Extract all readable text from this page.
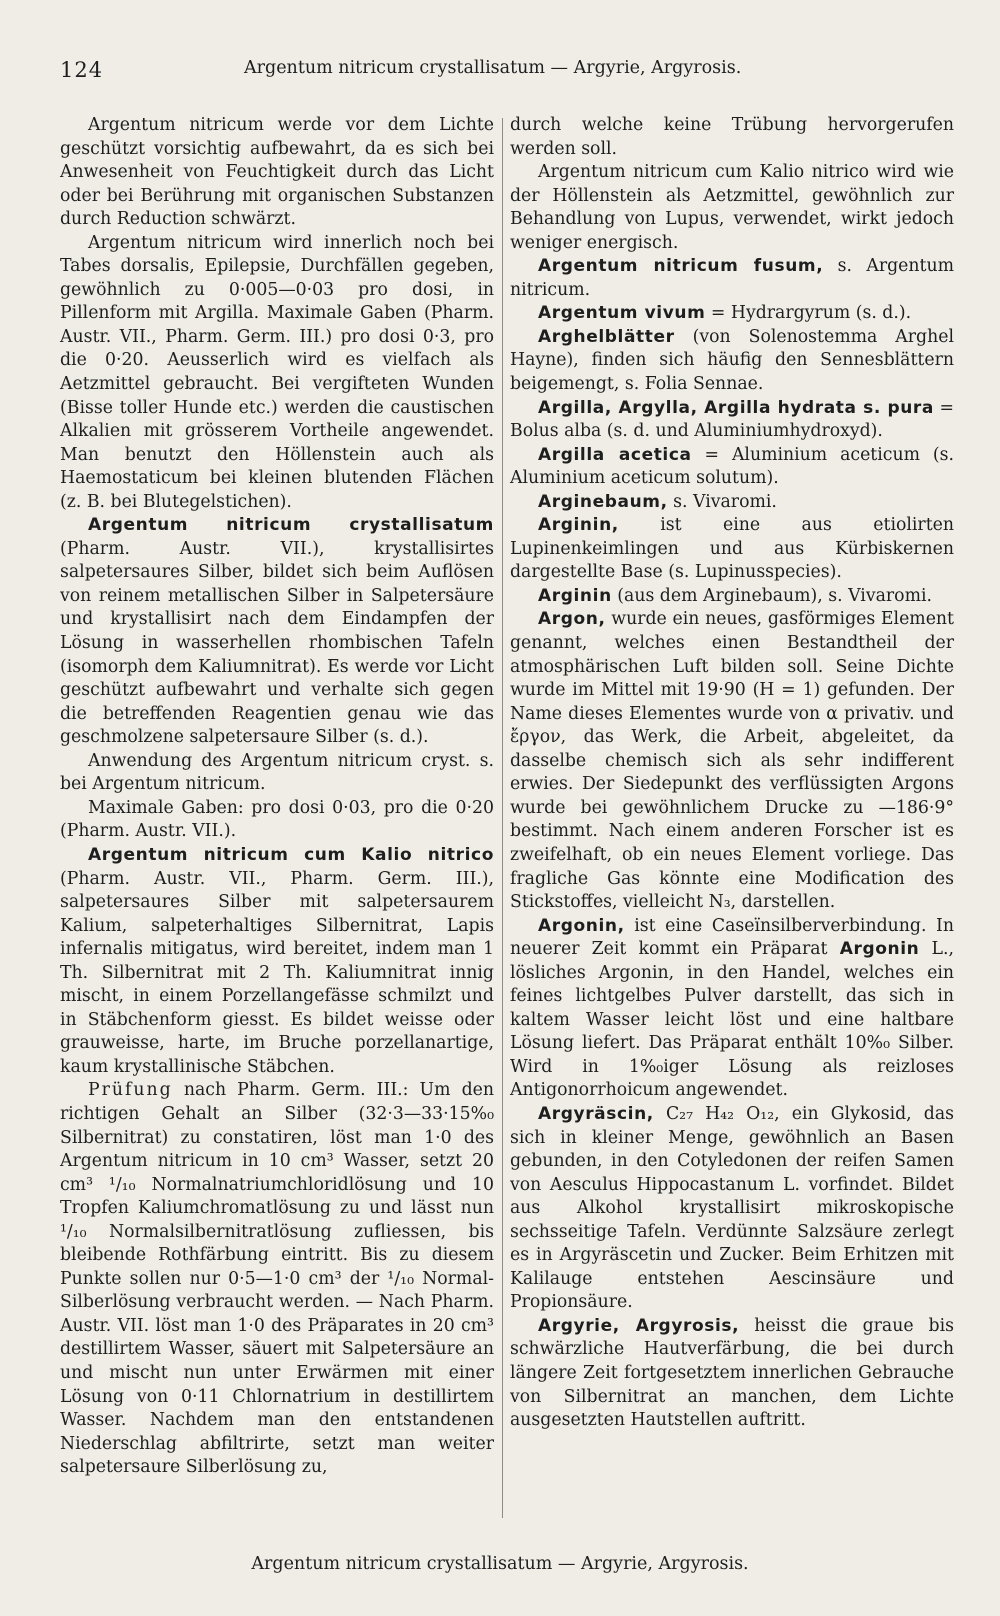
124	Argentum nitricum crystallisatum — Argyrie, Argyrosis.

Argentum nitricum werde vor dem Lichte geschützt vorsichtig aufbewahrt, da es sich bei Anwesenheit von Feuchtigkeit durch das Licht oder bei Berührung mit organischen Substanzen durch Reduction schwärzt.

Argentum nitricum wird innerlich noch bei Tabes dorsalis, Epilepsie, Durchfällen gegeben, gewöhnlich zu 0·005—0·03 pro dosi, in Pillenform mit Argilla. Maximale Gaben (Pharm. Austr. VII., Pharm. Germ. III.) pro dosi 0·3, pro die 0·20. Aeusserlich wird es vielfach als Aetzmittel gebraucht. Bei vergifteten Wunden (Bisse toller Hunde etc.) werden die caustischen Alkalien mit grösserem Vortheile angewendet. Man benutzt den Höllenstein auch als Haemostaticum bei kleinen blutenden Flächen (z. B. bei Blutegelstichen).

Argentum nitricum crystallisatum (Pharm. Austr. VII.), krystallisirtes salpetersaures Silber, bildet sich beim Auflösen von reinem metallischen Silber in Salpetersäure und krystallisirt nach dem Eindampfen der Lösung in wasserhellen rhombischen Tafeln (isomorph dem Kaliumnitrat). Es werde vor Licht geschützt aufbewahrt und verhalte sich gegen die betreffenden Reagentien genau wie das geschmolzene salpetersaure Silber (s. d.).

Anwendung des Argentum nitricum cryst. s. bei Argentum nitricum.

Maximale Gaben: pro dosi 0·03, pro die 0·20 (Pharm. Austr. VII.).

Argentum nitricum cum Kalio nitrico (Pharm. Austr. VII., Pharm. Germ. III.), salpetersaures Silber mit salpetersaurem Kalium, salpeterhaltiges Silbernitrat, Lapis infernalis mitigatus, wird bereitet, indem man 1 Th. Silbernitrat mit 2 Th. Kaliumnitrat innig mischt, in einem Porzellangefässe schmilzt und in Stäbchenform giesst. Es bildet weisse oder grauweisse, harte, im Bruche porzellanartige, kaum krystallinische Stäbchen.

Prüfung nach Pharm. Germ. III.: Um den richtigen Gehalt an Silber (32·3—33·15%₀ Silbernitrat) zu constatiren, löst man 1·0 des Argentum nitricum in 10 cm³ Wasser, setzt 20 cm³ ¹/₁₀ Normalnatriumchloridlösung und 10 Tropfen Kaliumchromatlösung zu und lässt nun ¹/₁₀ Normalsilbernitratlösung zufliessen, bis bleibende Rothfärbung eintritt. Bis zu diesem Punkte sollen nur 0·5—1·0 cm³ der ¹/₁₀ Normal-Silberlösung verbraucht werden. — Nach Pharm. Austr. VII. löst man 1·0 des Präparates in 20 cm³ destillirtem Wasser, säuert mit Salpetersäure an und mischt nun unter Erwärmen mit einer Lösung von 0·11 Chlornatrium in destillirtem Wasser. Nachdem man den entstandenen Niederschlag abfiltrirte, setzt man weiter salpetersaure Silberlösung zu,

durch welche keine Trübung hervorgerufen werden soll.

Argentum nitricum cum Kalio nitrico wird wie der Höllenstein als Aetzmittel, gewöhnlich zur Behandlung von Lupus, verwendet, wirkt jedoch weniger energisch.

Argentum nitricum fusum, s. Argentum nitricum.

Argentum vivum = Hydrargyrum (s. d.).

Arghelblätter (von Solenostemma Arghel Hayne), finden sich häufig den Sennesblättern beigemengt, s. Folia Sennae.

Argilla, Argylla, Argilla hydrata s. pura = Bolus alba (s. d. und Aluminiumhydroxyd).

Argilla acetica = Aluminium aceticum (s. Aluminium aceticum solutum).

Arginebaum, s. Vivaromi.

Arginin, ist eine aus etiolirten Lupinenkeimlingen und aus Kürbiskernen dargestellte Base (s. Lupinusspecies).

Arginin (aus dem Arginebaum), s. Vivaromi.

Argon, wurde ein neues, gasförmiges Element genannt, welches einen Bestandtheil der atmosphärischen Luft bilden soll. Seine Dichte wurde im Mittel mit 19·90 (H = 1) gefunden. Der Name dieses Elementes wurde von α privativ. und ἔργον, das Werk, die Arbeit, abgeleitet, da dasselbe chemisch sich als sehr indifferent erwies. Der Siedepunkt des verflüssigten Argons wurde bei gewöhnlichem Drucke zu —186·9° bestimmt. Nach einem anderen Forscher ist es zweifelhaft, ob ein neues Element vorliege. Das fragliche Gas könnte eine Modification des Stickstoffes, vielleicht N₃, darstellen.

Argonin, ist eine Caseïnsilberverbindung. In neuerer Zeit kommt ein Präparat Argonin L., lösliches Argonin, in den Handel, welches ein feines lichtgelbes Pulver darstellt, das sich in kaltem Wasser leicht löst und eine haltbare Lösung liefert. Das Präparat enthält 10%₀ Silber. Wird in 1%₀iger Lösung als reizloses Antigonorrhoicum angewendet.

Argyräscin, C₂₇ H₄₂ O₁₂, ein Glykosid, das sich in kleiner Menge, gewöhnlich an Basen gebunden, in den Cotyledonen der reifen Samen von Aesculus Hippocastanum L. vorfindet. Bildet aus Alkohol krystallisirt mikroskopische sechsseitige Tafeln. Verdünnte Salzsäure zerlegt es in Argyräscetin und Zucker. Beim Erhitzen mit Kalilauge entstehen Aescinsäure und Propionsäure.

Argyrie, Argyrosis, heisst die graue bis schwärzliche Hautverfärbung, die bei durch längere Zeit fortgesetztem innerlichen Gebrauche von Silbernitrat an manchen, dem Lichte ausgesetzten Hautstellen auftritt.

Argentum nitricum crystallisatum — Argyrie, Argyrosis.
